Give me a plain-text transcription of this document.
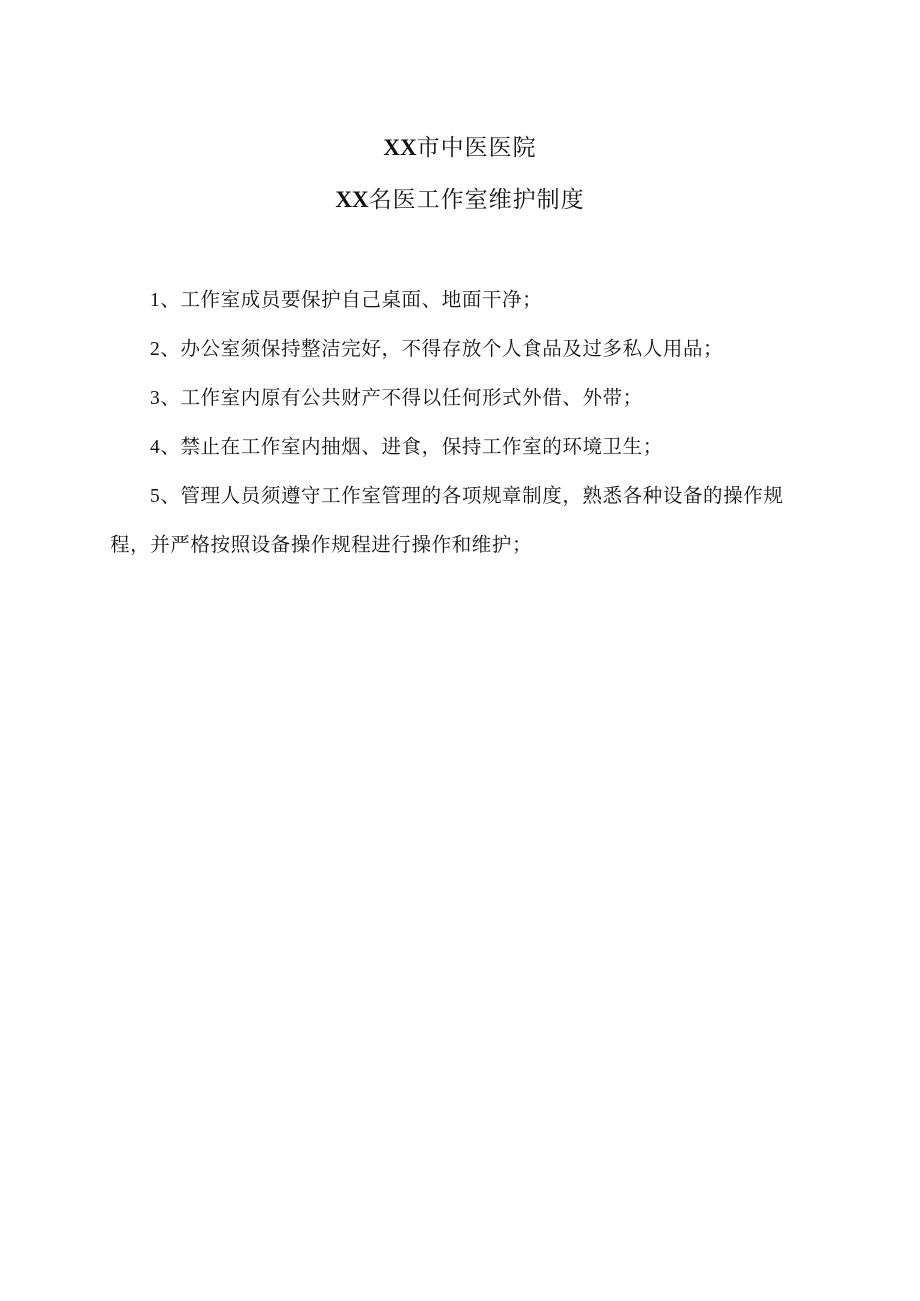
XX市中医医院
XX名医工作室维护制度

1、工作室成员要保护自己桌面、地面干净；

2、办公室须保持整洁完好，不得存放个人食品及过多私人用品；

3、工作室内原有公共财产不得以任何形式外借、外带；

4、禁止在工作室内抽烟、进食，保持工作室的环境卫生；

5、管理人员须遵守工作室管理的各项规章制度，熟悉各种设备的操作规程，并严格按照设备操作规程进行操作和维护；
